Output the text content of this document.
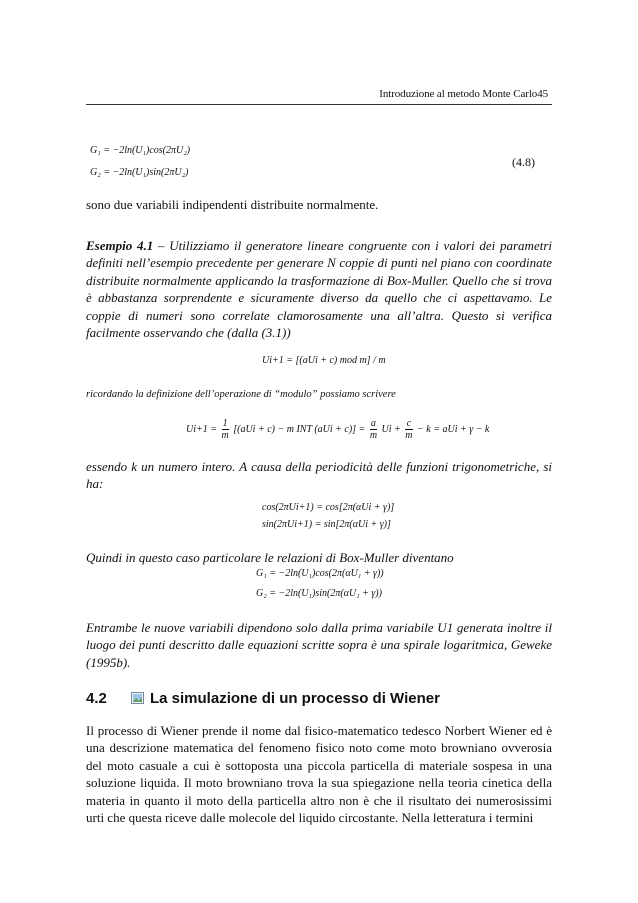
Introduzione al metodo Monte Carlo45
G₁ = −2ln(U₁)cos(2πU₂)
G₂ = −2ln(U₁)sin(2πU₂)
(4.8)
sono due variabili indipendenti distribuite normalmente.
Esempio 4.1 – Utilizziamo il generatore lineare congruente con i valori dei parametri definiti nell’esempio precedente per generare N coppie di punti nel piano con coordinate distribuite normalmente applicando la trasformazione di Box-Muller. Quello che si trova è abbastanza sorprendente e sicuramente diverso da quello che ci aspettavamo. Le coppie di numeri sono correlate clamorosamente una all’altra. Questo si verifica facilmente osservando che (dalla (3.1))
Ui+1 = [(aUi + c) mod m] / m
ricordando la definizione dell’operazione di “modulo” possiamo scrivere
$Ui+1 = \frac{1}{m} [(aUi + c) - m$ INT $(aUi + c)] = \frac{a}{m}$ $Ui + \frac{c}{m} - k$ = aUi + γ − k
essendo k un numero intero. A causa della periodicità delle funzioni trigonometriche, si ha:
cos(2πUi+1) = cos[2π(αUi + γ)]
sin(2πUi+1) = sin[2π(αUi + γ)]
Quindi in questo caso particolare le relazioni di Box-Muller diventano
G₁ = −2ln(U₁)cos(2π(αU₁ + γ))
G₂ = −2ln(U₁)sin(2π(αU₁ + γ))
Entrambe le nuove variabili dipendono solo dalla prima variabile U1 generata inoltre il luogo dei punti descritto dalle equazioni scritte sopra è una spirale logaritmica, Geweke (1995b).
4.2	La simulazione di un processo di Wiener
Il processo di Wiener prende il nome dal fisico-matematico tedesco Norbert Wiener ed è una descrizione matematica del fenomeno fisico noto come moto browniano ovverosia del moto casuale a cui è sottoposta una piccola particella di materiale sospesa in una soluzione liquida. Il moto browniano trova la sua spiegazione nella teoria cinetica della materia in quanto il moto della particella altro non è che il risultato dei numerosissimi urti che questa riceve dalle molecole del liquido circostante. Nella letteratura i termini
